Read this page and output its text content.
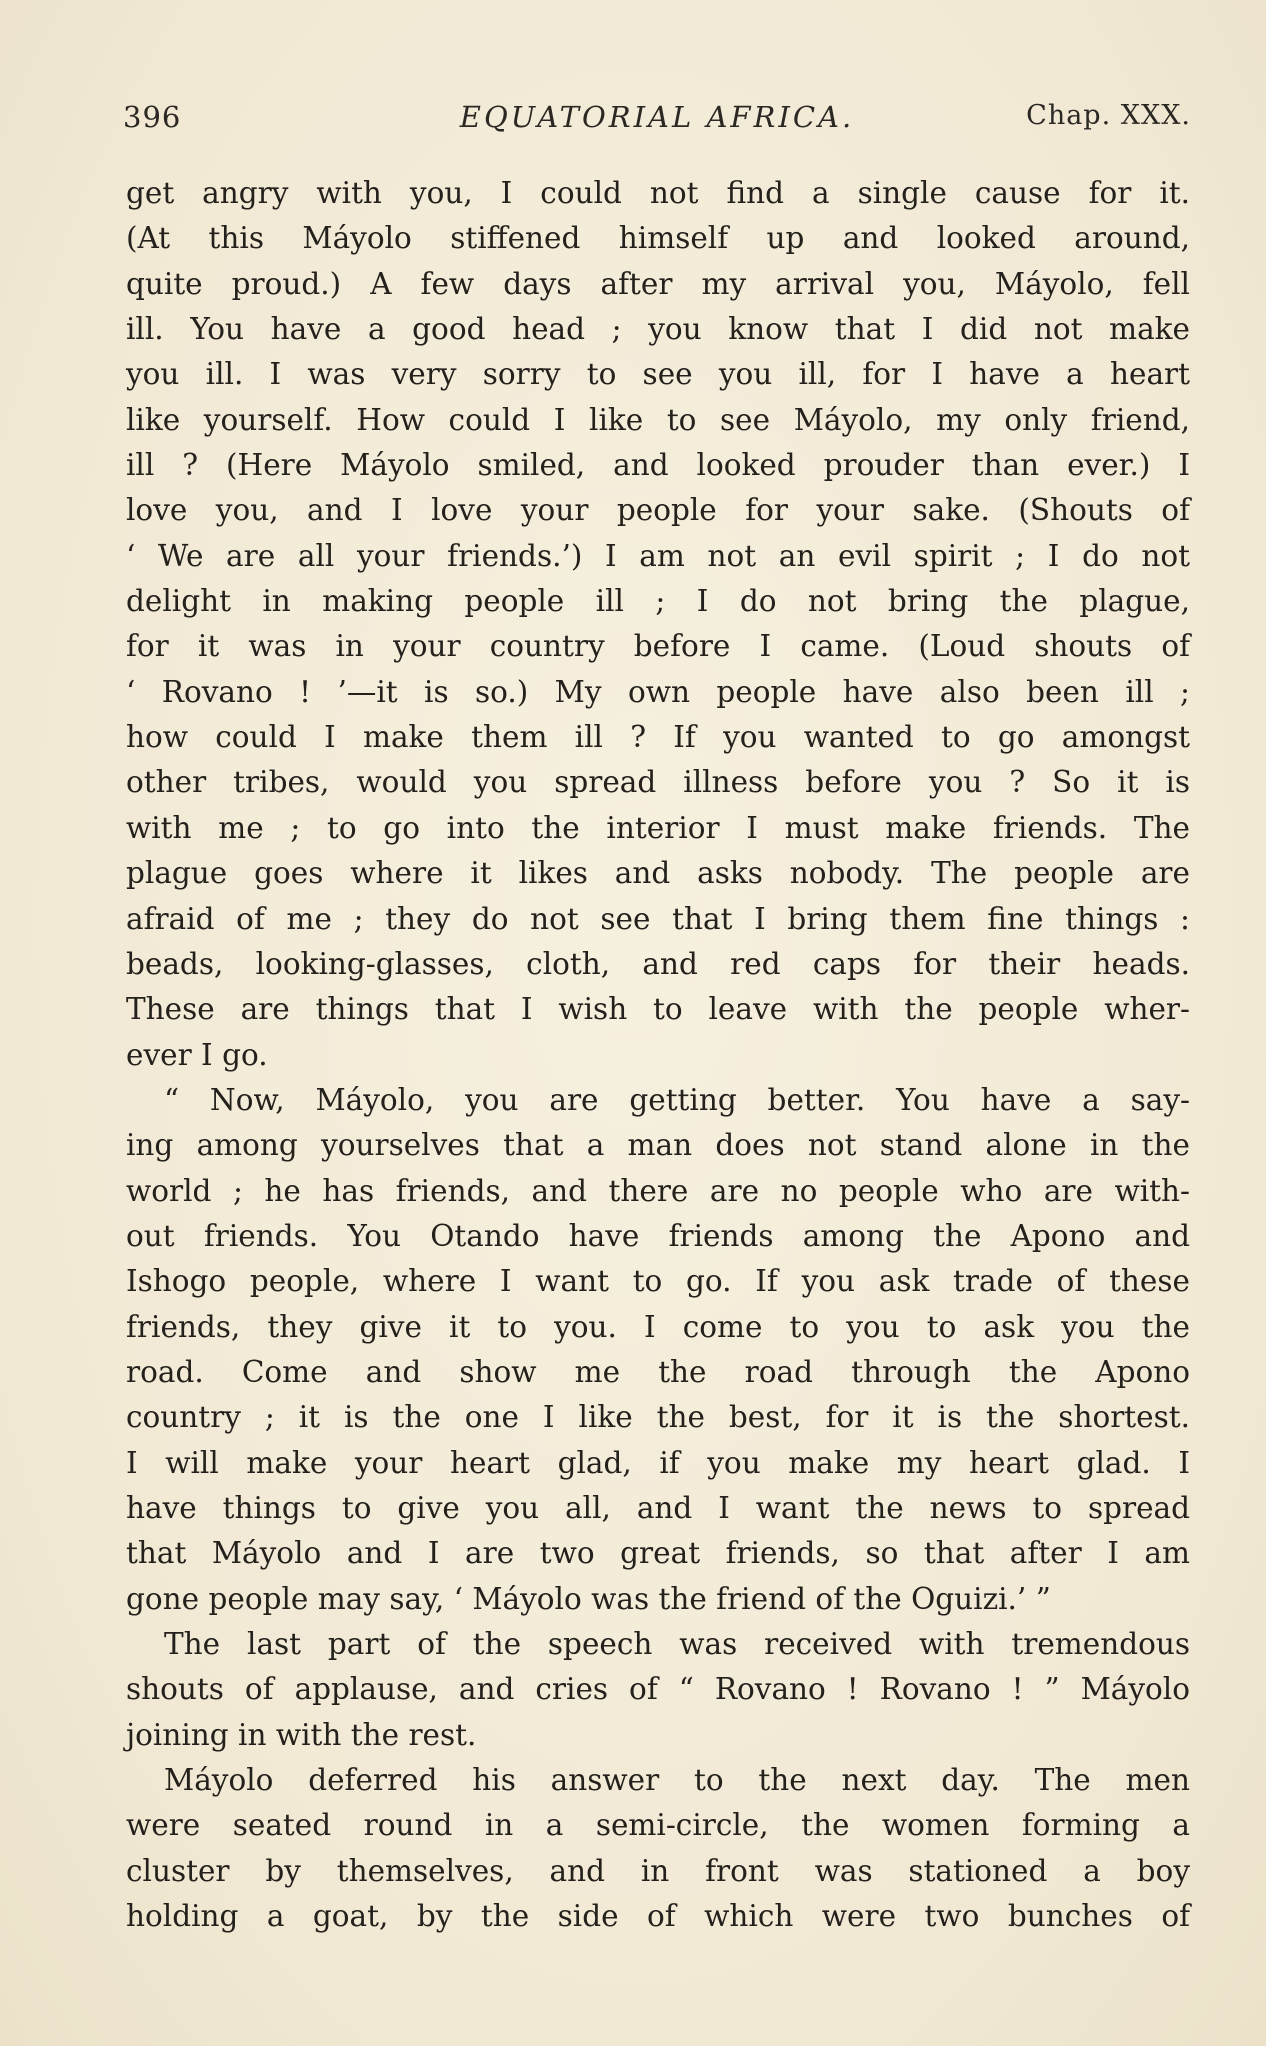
396	EQUATORIAL AFRICA.	Chap. XXX.
get angry with you, I could not find a single cause for it.
(At this Máyolo stiffened himself up and looked around,
quite proud.) A few days after my arrival you, Máyolo, fell
ill. You have a good head ; you know that I did not make
you ill. I was very sorry to see you ill, for I have a heart
like yourself. How could I like to see Máyolo, my only friend,
ill ? (Here Máyolo smiled, and looked prouder than ever.) I
love you, and I love your people for your sake. (Shouts of
‘ We are all your friends.’) I am not an evil spirit ; I do not
delight in making people ill ; I do not bring the plague,
for it was in your country before I came. (Loud shouts of
‘ Rovano ! ’—it is so.) My own people have also been ill ;
how could I make them ill ? If you wanted to go amongst
other tribes, would you spread illness before you ? So it is
with me ; to go into the interior I must make friends. The
plague goes where it likes and asks nobody. The people are
afraid of me ; they do not see that I bring them fine things :
beads, looking-glasses, cloth, and red caps for their heads.
These are things that I wish to leave with the people wher-
ever I go.
“ Now, Máyolo, you are getting better. You have a say-
ing among yourselves that a man does not stand alone in the
world ; he has friends, and there are no people who are with-
out friends. You Otando have friends among the Apono and
Ishogo people, where I want to go. If you ask trade of these
friends, they give it to you. I come to you to ask you the
road. Come and show me the road through the Apono
country ; it is the one I like the best, for it is the shortest.
I will make your heart glad, if you make my heart glad. I
have things to give you all, and I want the news to spread
that Máyolo and I are two great friends, so that after I am
gone people may say, ‘ Máyolo was the friend of the Oguizi.’ ”
The last part of the speech was received with tremendous
shouts of applause, and cries of “ Rovano ! Rovano ! ” Máyolo
joining in with the rest.
Máyolo deferred his answer to the next day. The men
were seated round in a semi-circle, the women forming a
cluster by themselves, and in front was stationed a boy
holding a goat, by the side of which were two bunches of
